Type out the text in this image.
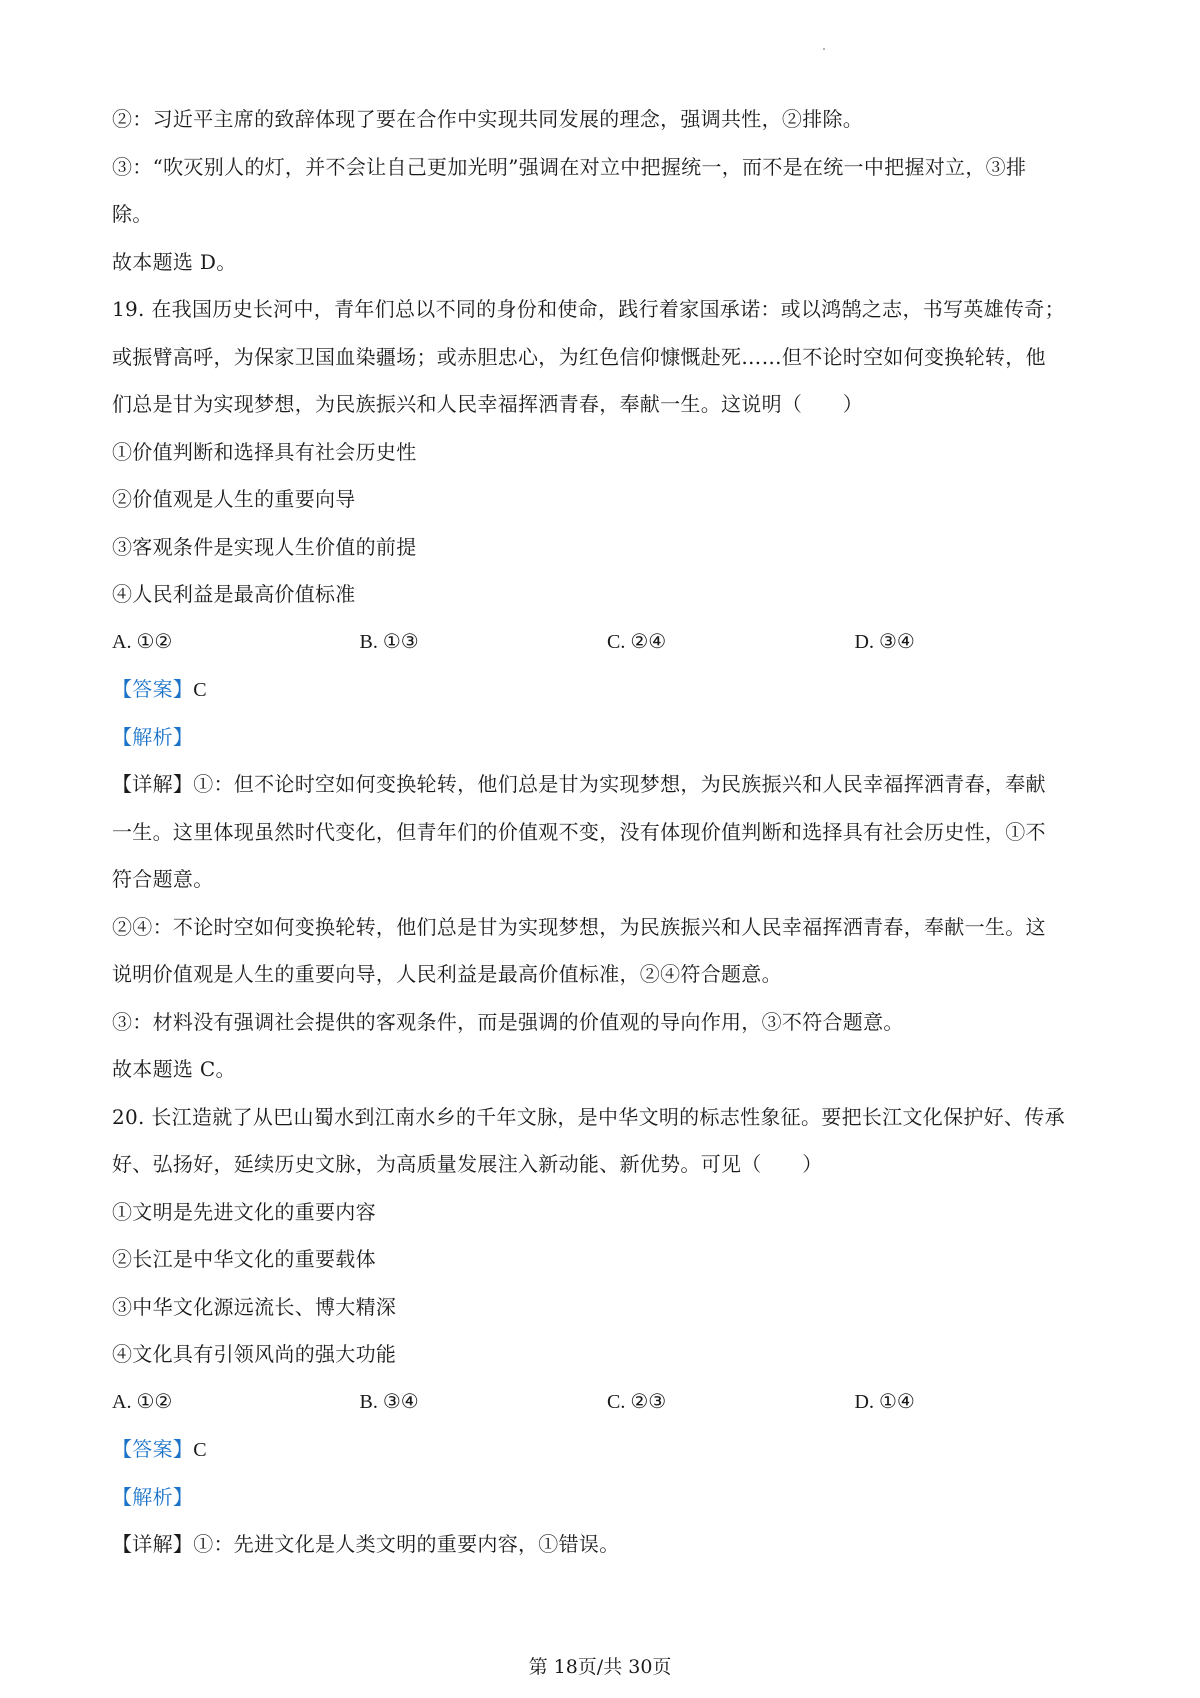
②：习近平主席的致辞体现了要在合作中实现共同发展的理念，强调共性，②排除。
③：“吹灭别人的灯，并不会让自己更加光明”强调在对立中把握统一，而不是在统一中把握对立，③排
除。
故本题选 D。
19. 在我国历史长河中，青年们总以不同的身份和使命，践行着家国承诺：或以鸿鹄之志，书写英雄传奇；
或振臂高呼，为保家卫国血染疆场；或赤胆忠心，为红色信仰慷慨赴死……但不论时空如何变换轮转，他
们总是甘为实现梦想，为民族振兴和人民幸福挥洒青春，奉献一生。这说明（　　）
①价值判断和选择具有社会历史性
②价值观是人生的重要向导
③客观条件是实现人生价值的前提
④人民利益是最高价值标准
A. ①②	B. ①③	C. ②④	D. ③④
【答案】C
【解析】
【详解】①：但不论时空如何变换轮转，他们总是甘为实现梦想，为民族振兴和人民幸福挥洒青春，奉献
一生。这里体现虽然时代变化，但青年们的价值观不变，没有体现价值判断和选择具有社会历史性，①不
符合题意。
②④：不论时空如何变换轮转，他们总是甘为实现梦想，为民族振兴和人民幸福挥洒青春，奉献一生。这
说明价值观是人生的重要向导，人民利益是最高价值标准，②④符合题意。
③：材料没有强调社会提供的客观条件，而是强调的价值观的导向作用，③不符合题意。
故本题选 C。
20. 长江造就了从巴山蜀水到江南水乡的千年文脉，是中华文明的标志性象征。要把长江文化保护好、传承
好、弘扬好，延续历史文脉，为高质量发展注入新动能、新优势。可见（　　）
①文明是先进文化的重要内容
②长江是中华文化的重要载体
③中华文化源远流长、博大精深
④文化具有引领风尚的强大功能
A. ①②	B. ③④	C. ②③	D. ①④
【答案】C
【解析】
【详解】①：先进文化是人类文明的重要内容，①错误。
第 18页/共 30页
